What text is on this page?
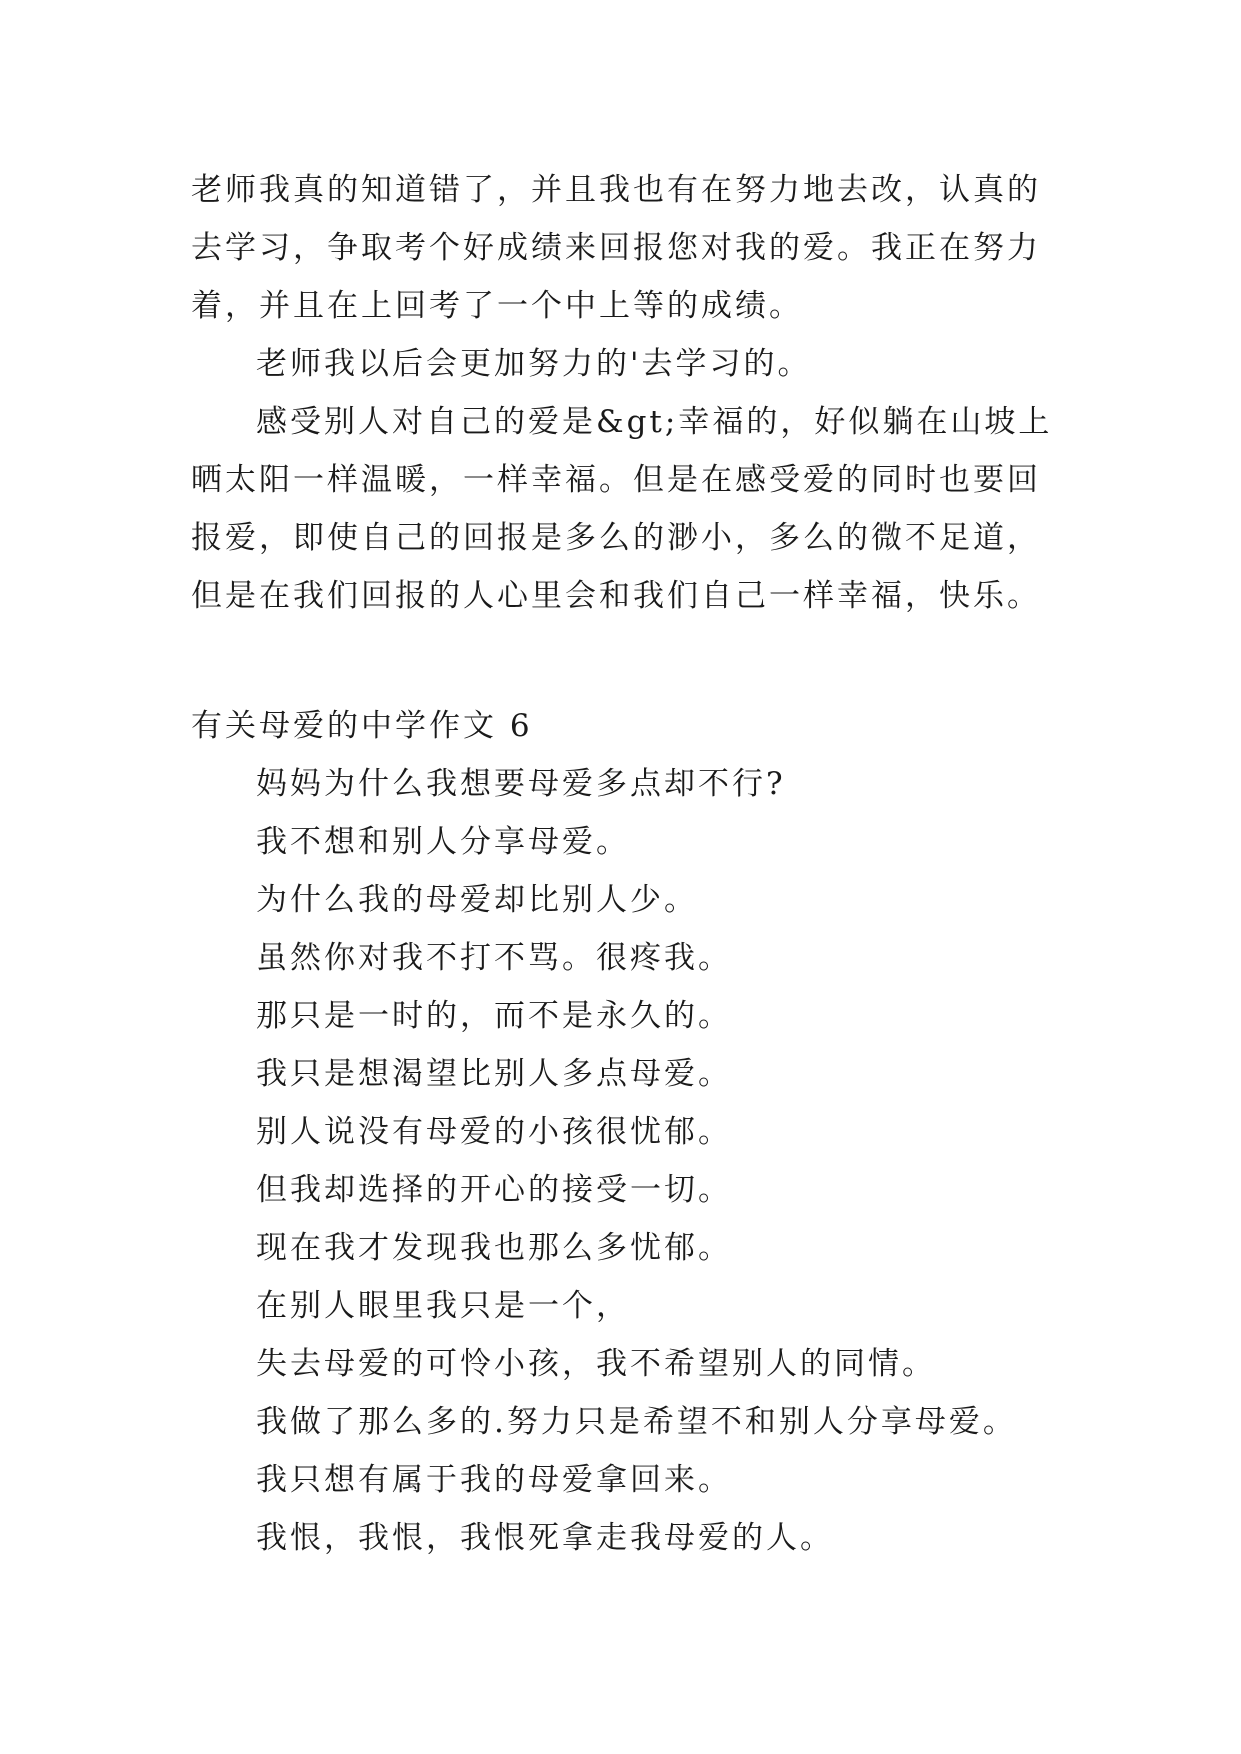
老师我真的知道错了，并且我也有在努力地去改，认真的去学习，争取考个好成绩来回报您对我的爱。我正在努力着，并且在上回考了一个中上等的成绩。

老师我以后会更加努力的'去学习的。

感受别人对自己的爱是&gt;幸福的，好似躺在山坡上晒太阳一样温暖，一样幸福。但是在感受爱的同时也要回报爱，即使自己的回报是多么的渺小，多么的微不足道，但是在我们回报的人心里会和我们自己一样幸福，快乐。

有关母爱的中学作文 6

妈妈为什么我想要母爱多点却不行?

我不想和别人分享母爱。

为什么我的母爱却比别人少。

虽然你对我不打不骂。很疼我。

那只是一时的，而不是永久的。

我只是想渴望比别人多点母爱。

别人说没有母爱的小孩很忧郁。

但我却选择的开心的接受一切。

现在我才发现我也那么多忧郁。

在别人眼里我只是一个，

失去母爱的可怜小孩，我不希望别人的同情。

我做了那么多的.努力只是希望不和别人分享母爱。

我只想有属于我的母爱拿回来。

我恨，我恨，我恨死拿走我母爱的人。
